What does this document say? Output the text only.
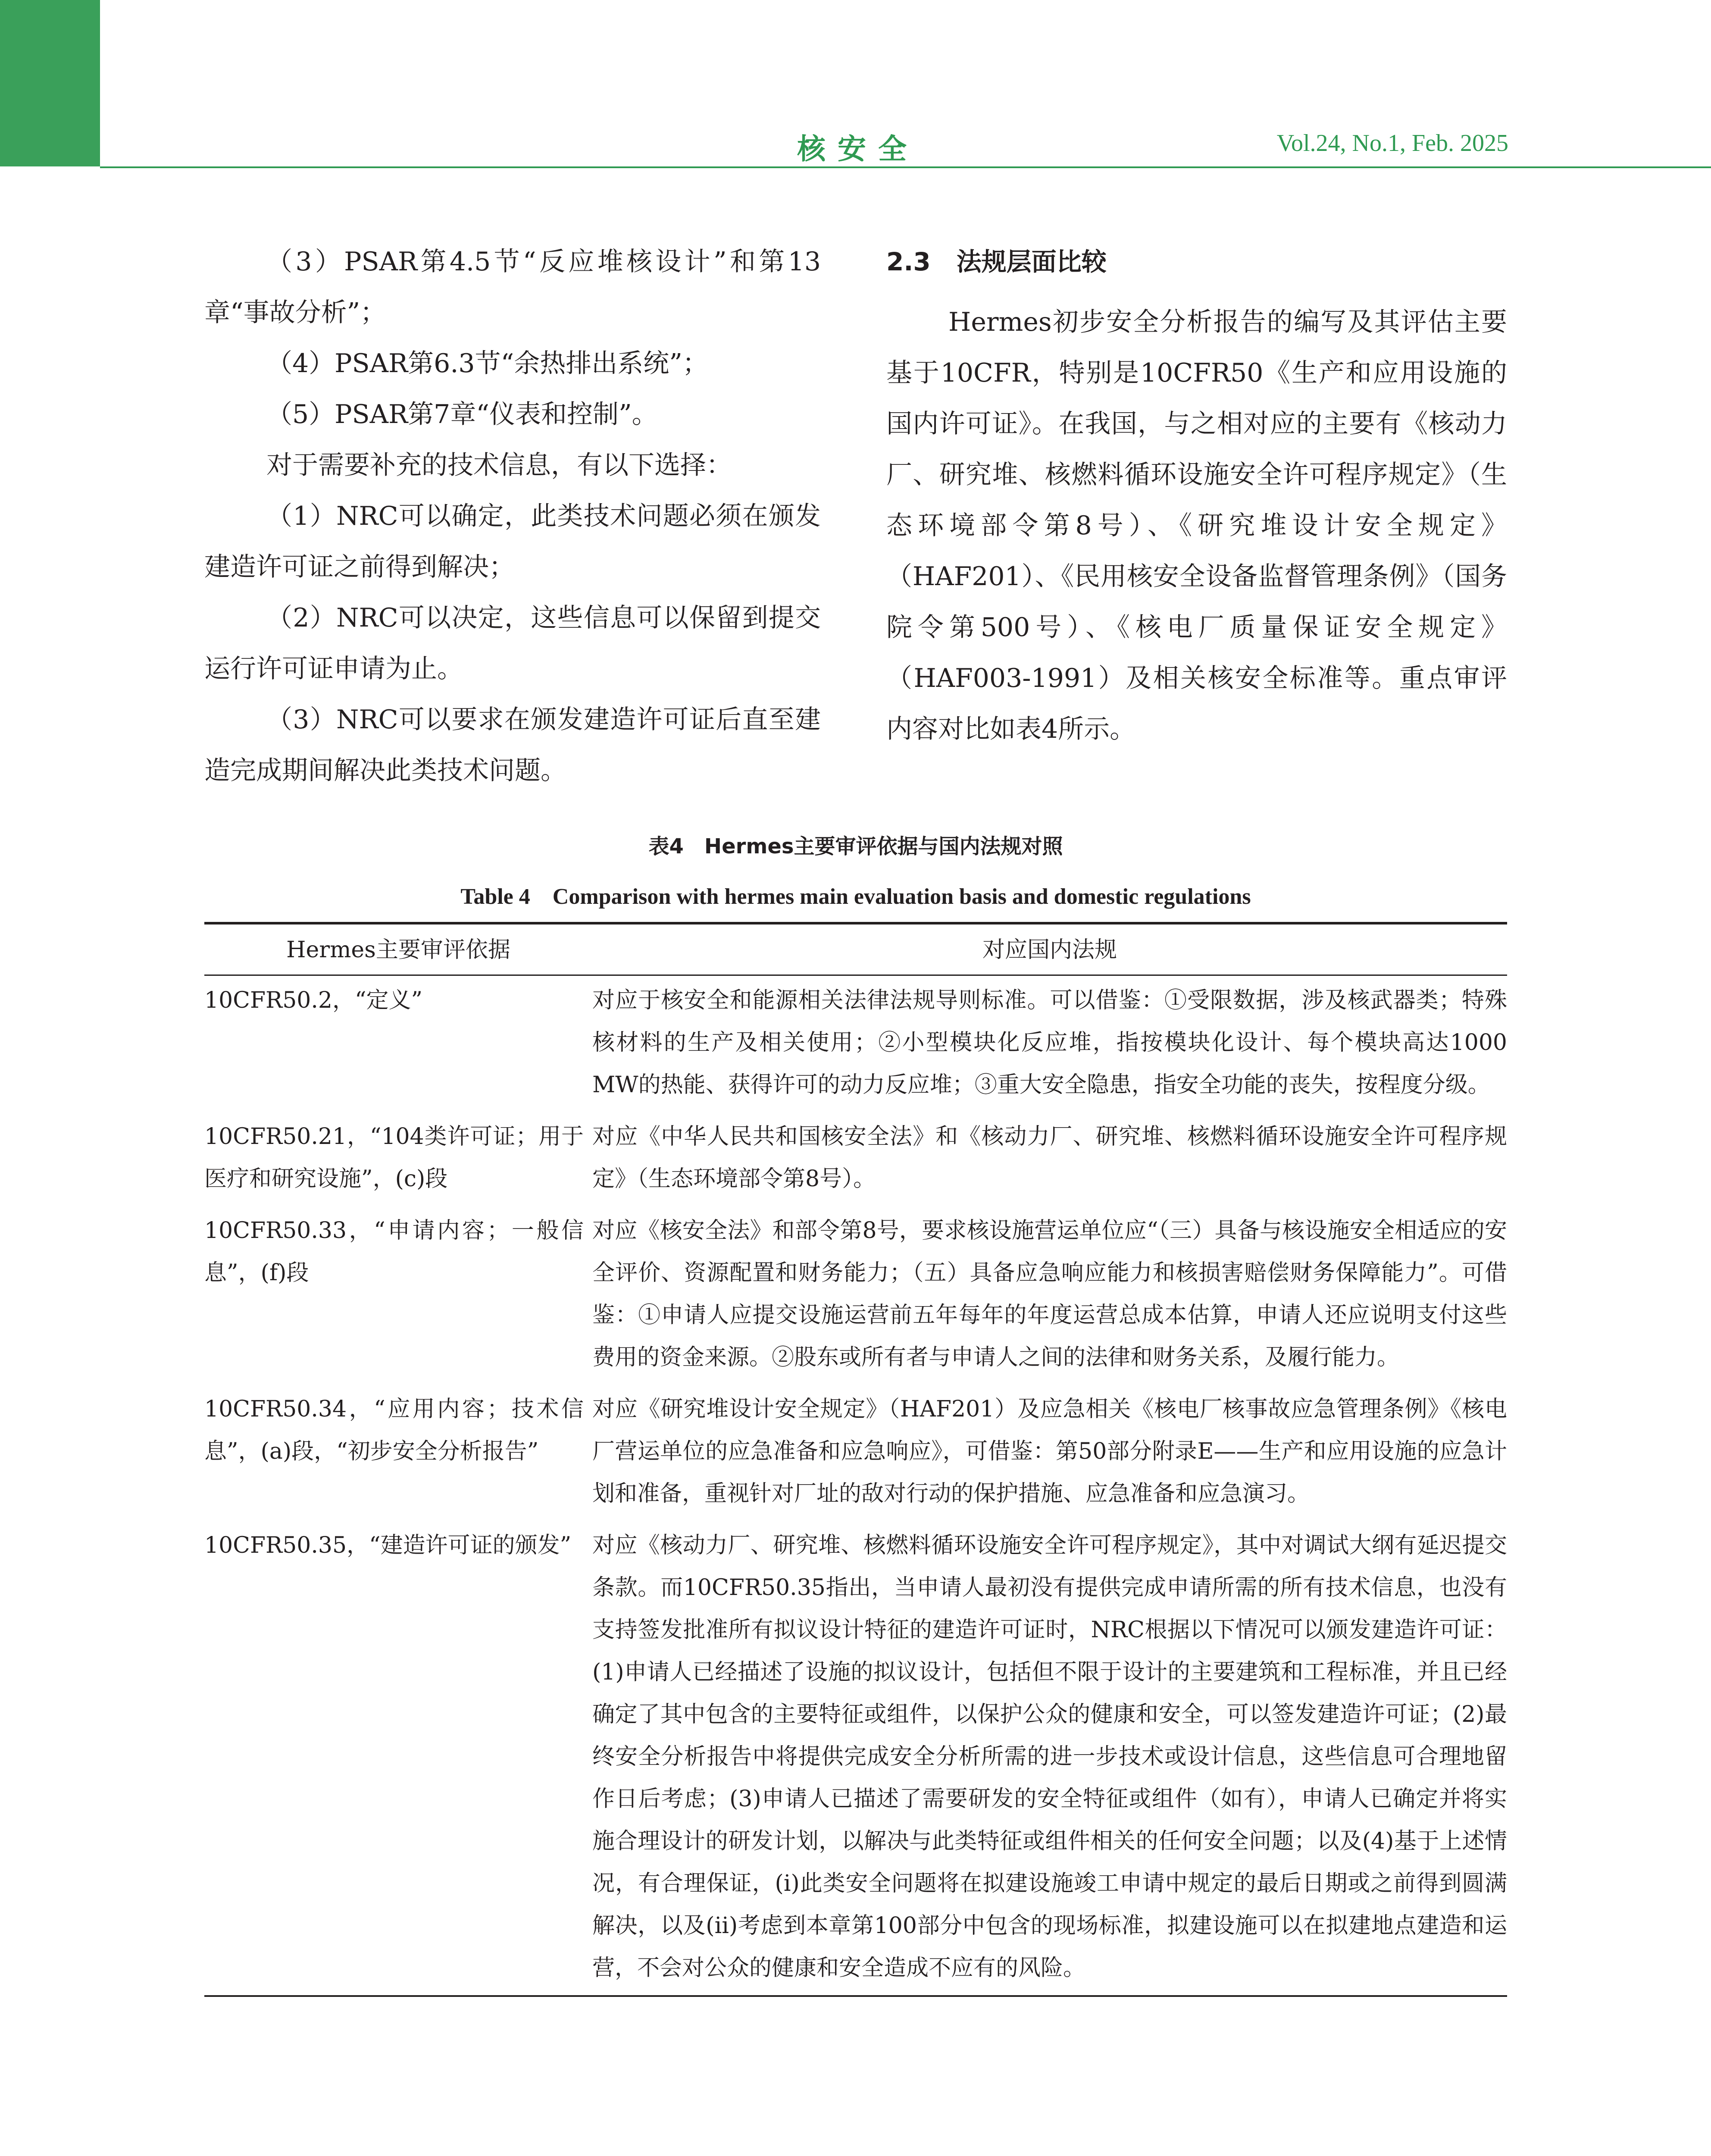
核安全	Vol.24, No.1, Feb. 2025

（3）PSAR第4.5节“反应堆核设计”和第13章“事故分析”；

（4）PSAR第6.3节“余热排出系统”；

（5）PSAR第7章“仪表和控制”。

对于需要补充的技术信息，有以下选择：

（1）NRC可以确定，此类技术问题必须在颁发建造许可证之前得到解决；

（2）NRC可以决定，这些信息可以保留到提交运行许可证申请为止。

（3）NRC可以要求在颁发建造许可证后直至建造完成期间解决此类技术问题。

2.3 法规层面比较

Hermes初步安全分析报告的编写及其评估主要基于10CFR，特别是10CFR50《生产和应用设施的国内许可证》。在我国，与之相对应的主要有《核动力厂、研究堆、核燃料循环设施安全许可程序规定》（生态环境部令第8号）、《研究堆设计安全规定》（HAF201）、《民用核安全设备监督管理条例》（国务院令第500号）、《核电厂质量保证安全规定》（HAF003-1991）及相关核安全标准等。重点审评内容对比如表4所示。

表4　Hermes主要审评依据与国内法规对照
Table 4　Comparison with hermes main evaluation basis and domestic regulations
Hermes主要审评依据	对应国内法规
10CFR50.2，“定义”	对应于核安全和能源相关法律法规导则标准。可以借鉴：①受限数据，涉及核武器类；特殊核材料的生产及相关使用；②小型模块化反应堆，指按模块化设计、每个模块高达1000 MW的热能、获得许可的动力反应堆；③重大安全隐患，指安全功能的丧失，按程度分级。
10CFR50.21，“104类许可证；用于医疗和研究设施”，(c)段	对应《中华人民共和国核安全法》和《核动力厂、研究堆、核燃料循环设施安全许可程序规定》（生态环境部令第8号）。
10CFR50.33，“申请内容；一般信息”，(f)段	对应《核安全法》和部令第8号，要求核设施营运单位应“（三）具备与核设施安全相适应的安全评价、资源配置和财务能力；（五）具备应急响应能力和核损害赔偿财务保障能力”。可借鉴：①申请人应提交设施运营前五年每年的年度运营总成本估算，申请人还应说明支付这些费用的资金来源。②股东或所有者与申请人之间的法律和财务关系，及履行能力。
10CFR50.34，“应用内容；技术信息”，(a)段，“初步安全分析报告”	对应《研究堆设计安全规定》（HAF201）及应急相关《核电厂核事故应急管理条例》《核电厂营运单位的应急准备和应急响应》，可借鉴：第50部分附录E——生产和应用设施的应急计划和准备，重视针对厂址的敌对行动的保护措施、应急准备和应急演习。
10CFR50.35，“建造许可证的颁发”	对应《核动力厂、研究堆、核燃料循环设施安全许可程序规定》，其中对调试大纲有延迟提交条款。而10CFR50.35指出，当申请人最初没有提供完成申请所需的所有技术信息，也没有支持签发批准所有拟议设计特征的建造许可证时，NRC根据以下情况可以颁发建造许可证：(1)申请人已经描述了设施的拟议设计，包括但不限于设计的主要建筑和工程标准，并且已经确定了其中包含的主要特征或组件，以保护公众的健康和安全，可以签发建造许可证；(2)最终安全分析报告中将提供完成安全分析所需的进一步技术或设计信息，这些信息可合理地留作日后考虑；(3)申请人已描述了需要研发的安全特征或组件（如有），申请人已确定并将实施合理设计的研发计划，以解决与此类特征或组件相关的任何安全问题；以及(4)基于上述情况，有合理保证，(i)此类安全问题将在拟建设施竣工申请中规定的最后日期或之前得到圆满解决，以及(ii)考虑到本章第100部分中包含的现场标准，拟建设施可以在拟建地点建造和运营，不会对公众的健康和安全造成不应有的风险。
